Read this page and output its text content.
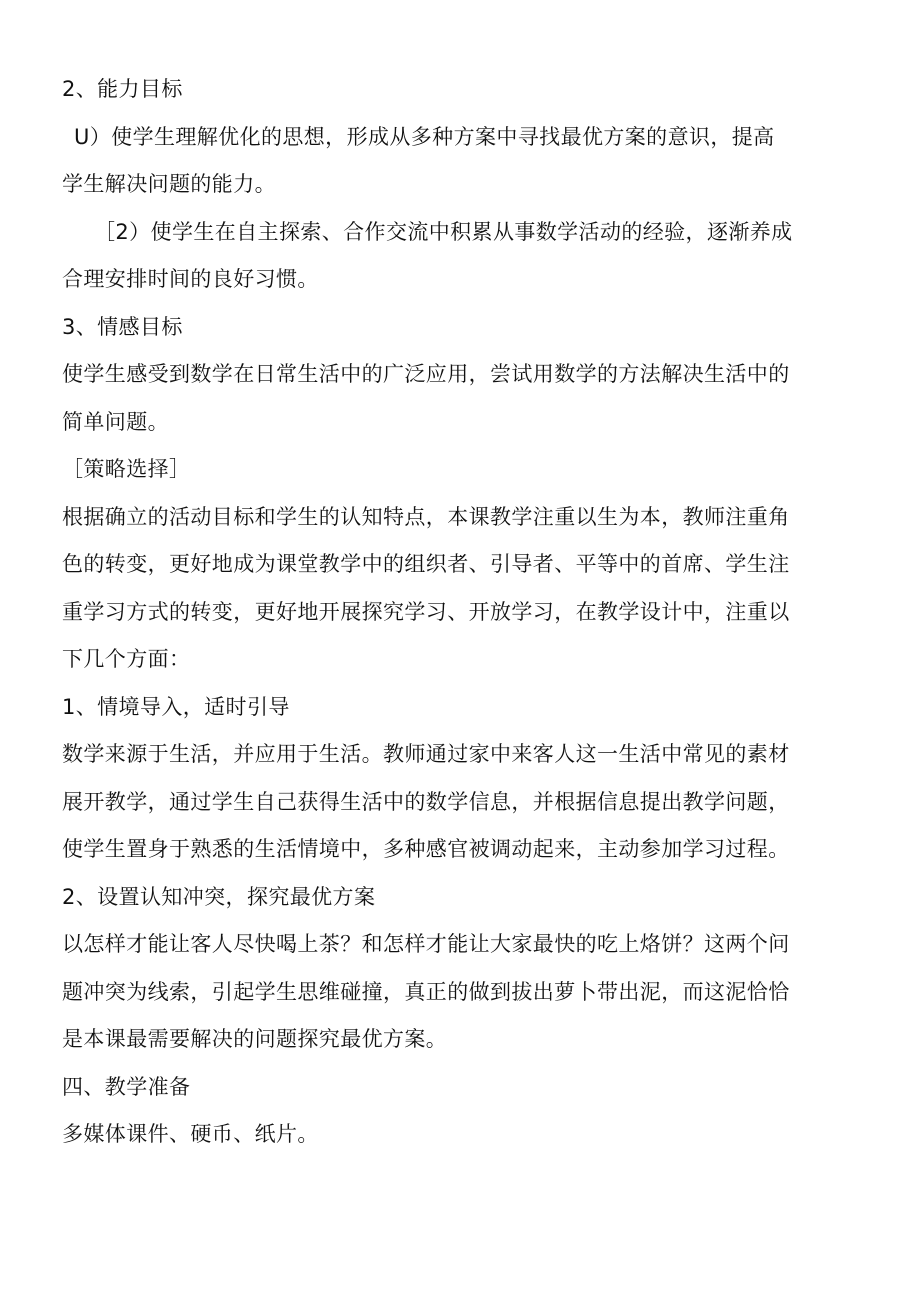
2、能力目标
U）使学生理解优化的思想，形成从多种方案中寻找最优方案的意识，提高
学生解决问题的能力。
［2）使学生在自主探索、合作交流中积累从事数学活动的经验，逐渐养成
合理安排时间的良好习惯。
3、情感目标
使学生感受到数学在日常生活中的广泛应用，尝试用数学的方法解决生活中的
简单问题。
［策略选择］
根据确立的活动目标和学生的认知特点，本课教学注重以生为本，教师注重角
色的转变，更好地成为课堂教学中的组织者、引导者、平等中的首席、学生注
重学习方式的转变，更好地开展探究学习、开放学习，在教学设计中，注重以
下几个方面：
1、情境导入，适时引导
数学来源于生活，并应用于生活。教师通过家中来客人这一生活中常见的素材
展开教学，通过学生自己获得生活中的数学信息，并根据信息提出教学问题，
使学生置身于熟悉的生活情境中，多种感官被调动起来，主动参加学习过程。
2、设置认知冲突，探究最优方案
以怎样才能让客人尽快喝上茶？和怎样才能让大家最快的吃上烙饼？这两个问
题冲突为线索，引起学生思维碰撞，真正的做到拔出萝卜带出泥，而这泥恰恰
是本课最需要解决的问题探究最优方案。
四、教学准备
多媒体课件、硬币、纸片。
